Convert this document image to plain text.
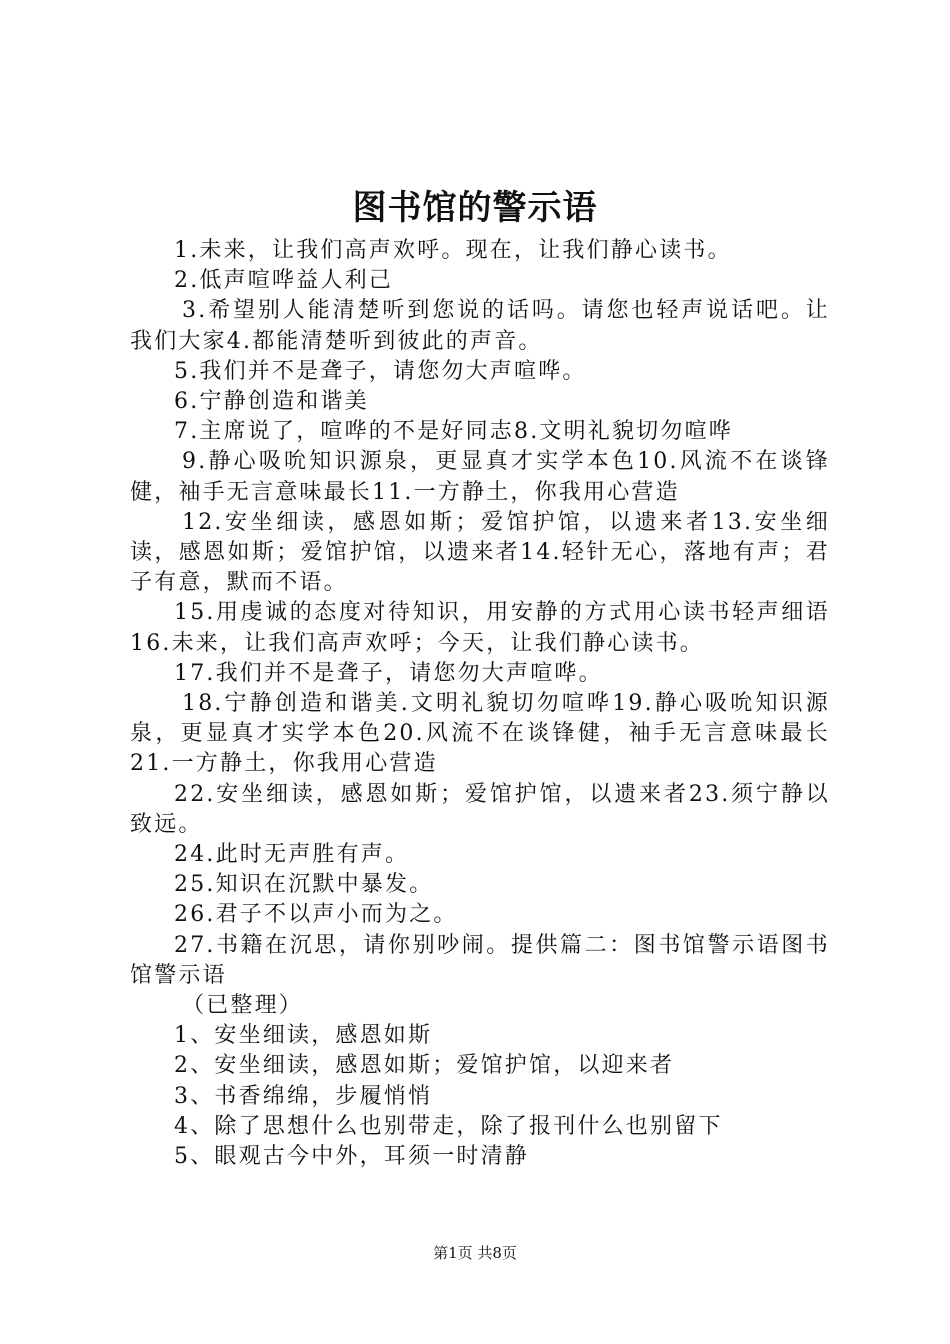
图书馆的警示语

1.未来，让我们高声欢呼。现在，让我们静心读书。

2.低声喧哗益人利己

3.希望别人能清楚听到您说的话吗。请您也轻声说话吧。让我们大家4.都能清楚听到彼此的声音。

5.我们并不是聋子，请您勿大声喧哗。

6.宁静创造和谐美

7.主席说了，喧哗的不是好同志8.文明礼貌切勿喧哗

9.静心吸吮知识源泉，更显真才实学本色10.风流不在谈锋健，袖手无言意味最长11.一方静土，你我用心营造

12.安坐细读，感恩如斯；爱馆护馆，以遗来者13.安坐细读，感恩如斯；爱馆护馆，以遗来者14.轻针无心，落地有声；君子有意，默而不语。

15.用虔诚的态度对待知识，用安静的方式用心读书轻声细语16.未来，让我们高声欢呼；今天，让我们静心读书。

17.我们并不是聋子，请您勿大声喧哗。

18.宁静创造和谐美.文明礼貌切勿喧哗19.静心吸吮知识源泉，更显真才实学本色20.风流不在谈锋健，袖手无言意味最长21.一方静土，你我用心营造

22.安坐细读，感恩如斯；爱馆护馆，以遗来者23.须宁静以致远。

24.此时无声胜有声。

25.知识在沉默中暴发。

26.君子不以声小而为之。

27.书籍在沉思，请你别吵闹。提供篇二：图书馆警示语图书馆警示语

（已整理）

1、安坐细读，感恩如斯

2、安坐细读，感恩如斯；爱馆护馆，以迎来者

3、书香绵绵，步履悄悄

4、除了思想什么也别带走，除了报刊什么也别留下

5、眼观古今中外，耳须一时清静

第1页 共8页
